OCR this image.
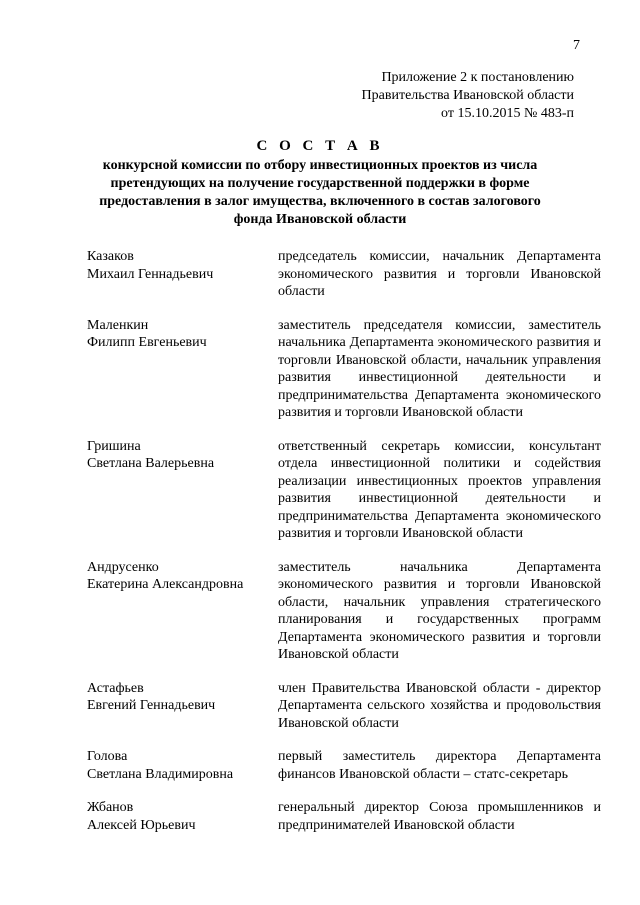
7
Приложение 2 к постановлению
Правительства Ивановской области
от 15.10.2015 № 483-п
С О С Т А В
конкурсной комиссии по отбору инвестиционных проектов из числа
претендующих на получение государственной поддержки в форме
предоставления в залог имущества, включенного в состав залогового
фонда Ивановской области
Казаков
Михаил Геннадьевич
председатель комиссии, начальник Департамента экономического развития и торговли Ивановской области
Маленкин
Филипп Евгеньевич
заместитель председателя комиссии, заместитель начальника Департамента экономического развития и торговли Ивановской области, начальник управления развития инвестиционной деятельности и предпринимательства Департамента экономического развития и торговли Ивановской области
Гришина
Светлана Валерьевна
ответственный секретарь комиссии, консультант отдела инвестиционной политики и содействия реализации инвестиционных проектов управления развития инвестиционной деятельности и предпринимательства Департамента экономического развития и торговли Ивановской области
Андрусенко
Екатерина Александровна
заместитель начальника Департамента экономического развития и торговли Ивановской области, начальник управления стратегического планирования и государственных программ Департамента экономического развития и торговли Ивановской области
Астафьев
Евгений Геннадьевич
член Правительства Ивановской области - директор Департамента сельского хозяйства и продовольствия Ивановской области
Голова
Светлана Владимировна
первый заместитель директора Департамента финансов Ивановской области – статс-секретарь
Жбанов
Алексей Юрьевич
генеральный директор Союза промышленников и предпринимателей Ивановской области
